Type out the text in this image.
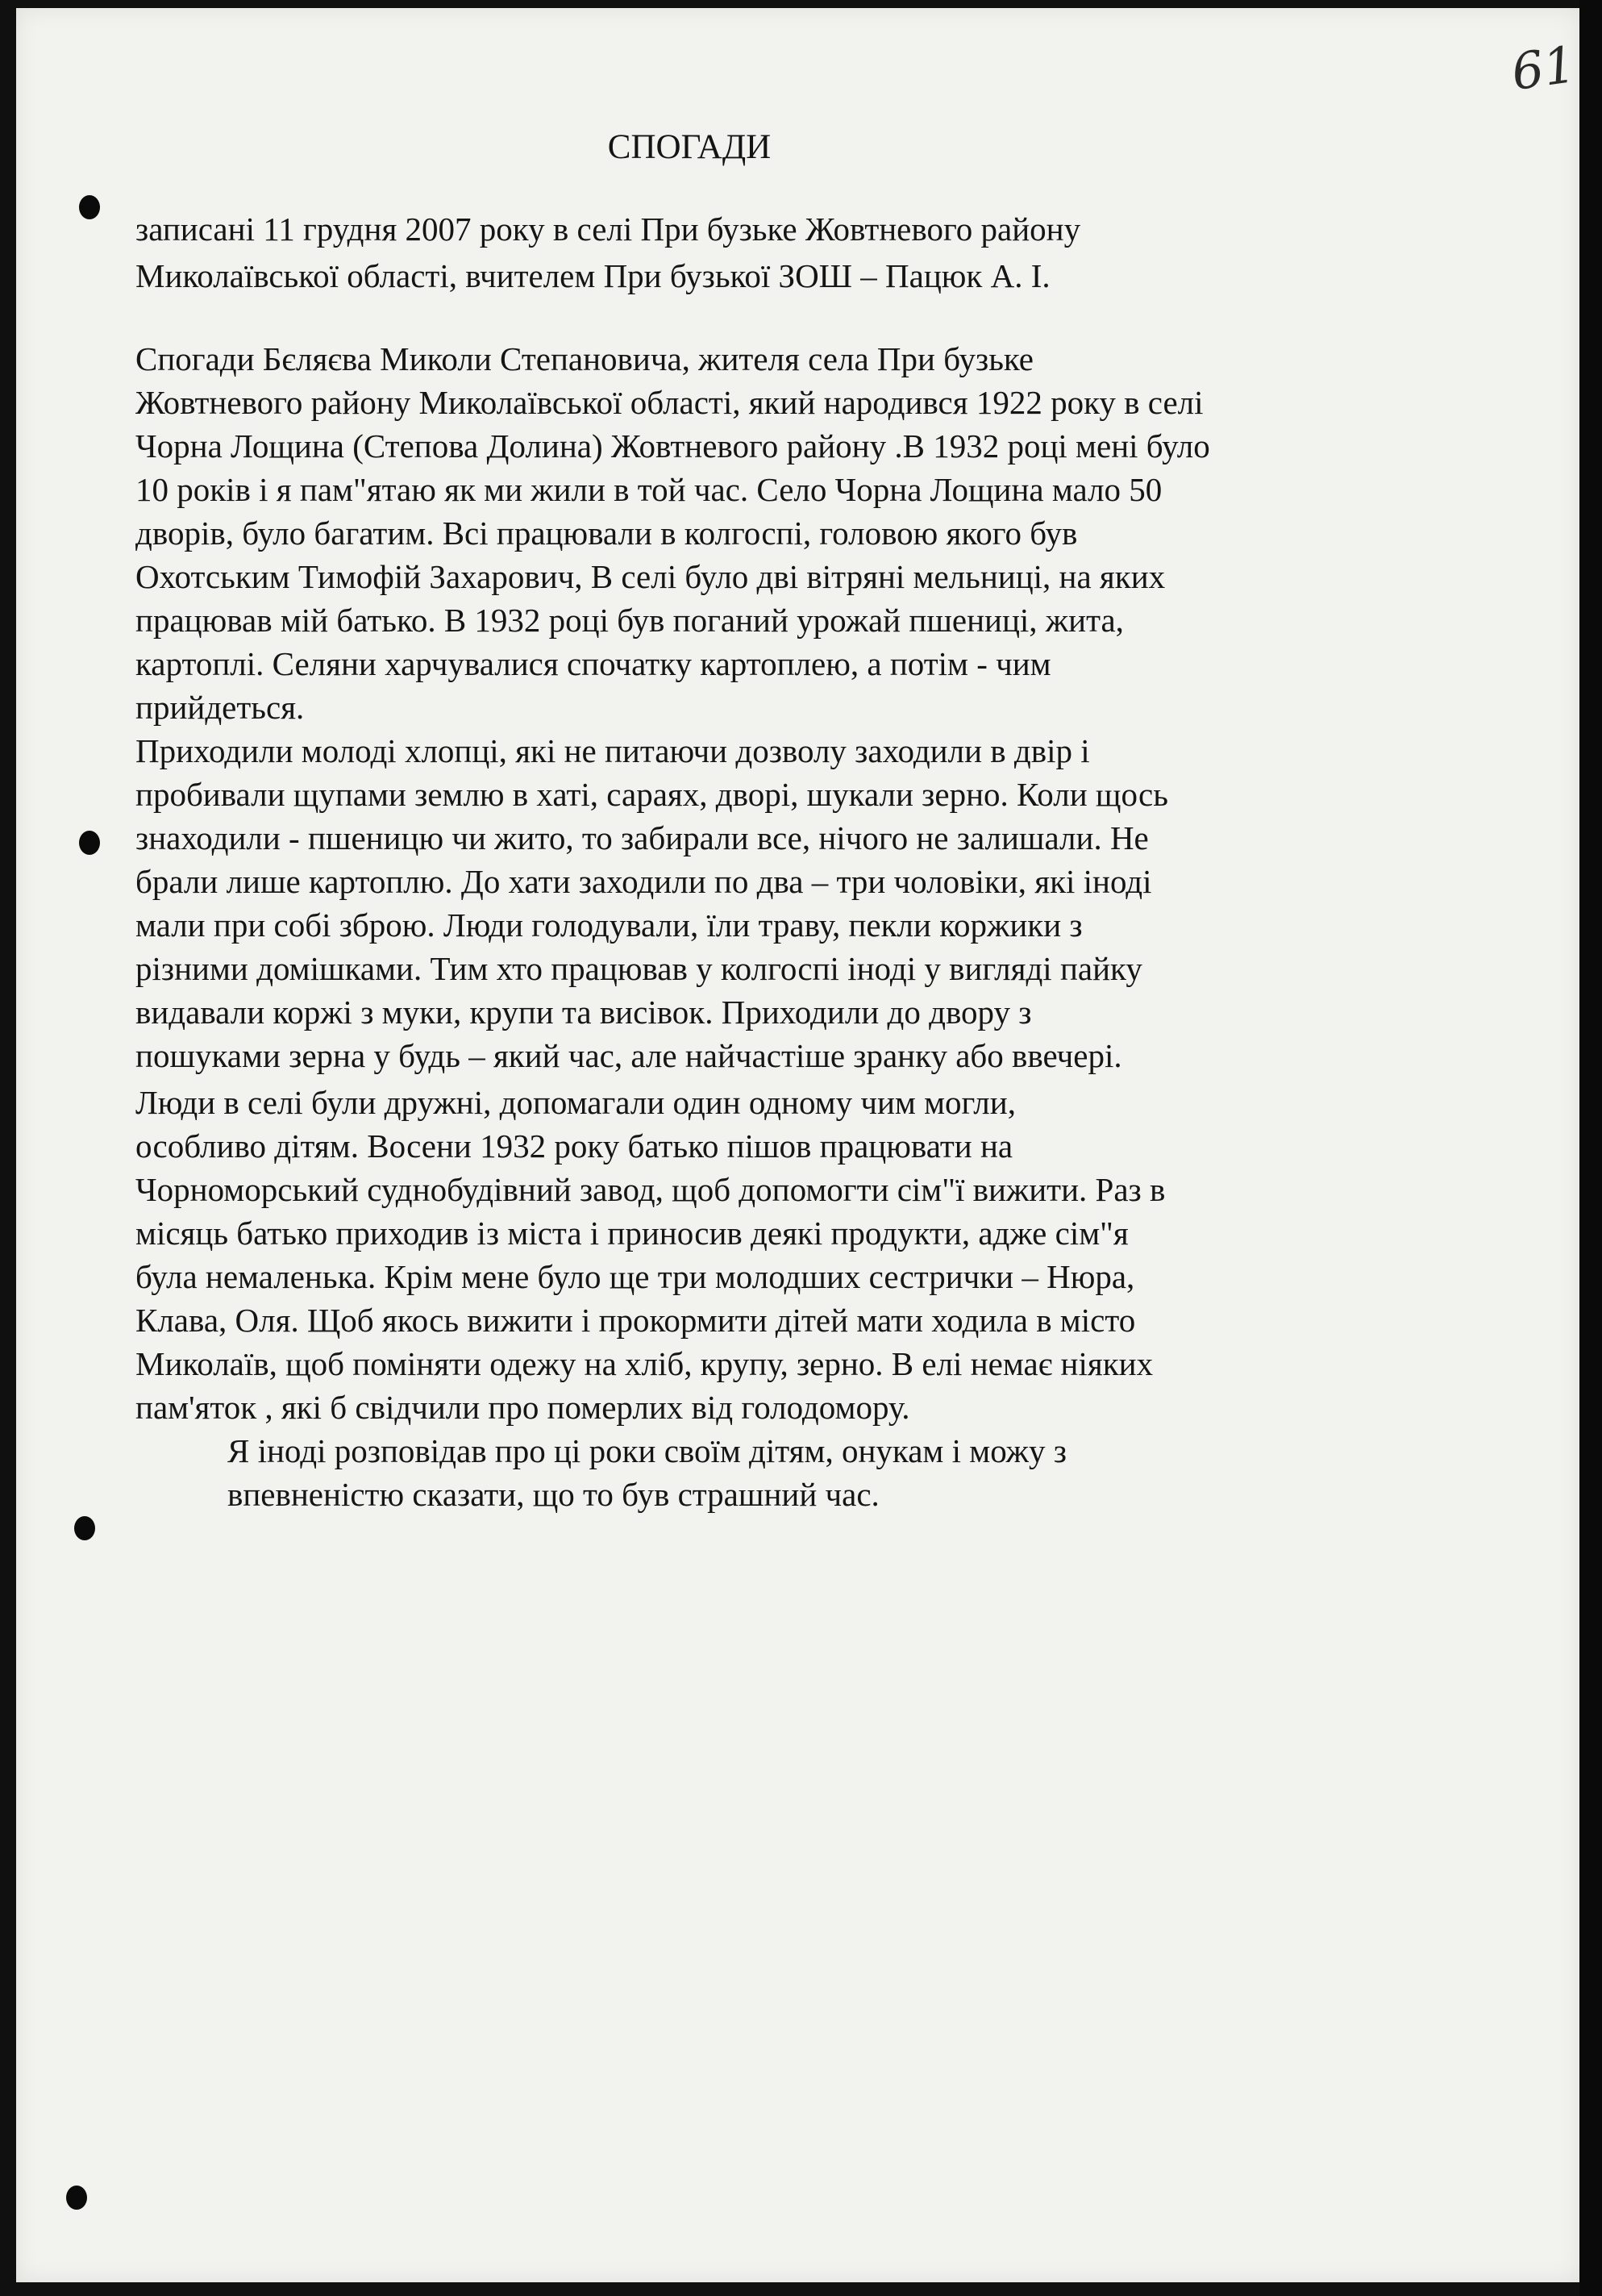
61
СПОГАДИ
записані 11 грудня 2007 року в селі При бузьке Жовтневого району
Миколаївської області, вчителем При бузької ЗОШ – Пацюк А. І.
Спогади Бєляєва Миколи Степановича, жителя села При бузьке
Жовтневого району Миколаївської області, який народився 1922 року в селі
Чорна Лощина (Степова Долина) Жовтневого району .В 1932 році мені було
10 років і я пам"ятаю як ми жили в той час. Село Чорна Лощина мало 50
дворів, було багатим. Всі працювали в колгоспі, головою якого був
Охотським Тимофій Захарович, В селі було дві вітряні мельниці, на яких
працював мій батько. В 1932 році був поганий урожай пшениці, жита,
картоплі. Селяни харчувалися спочатку картоплею, а потім - чим
прийдеться.
Приходили молоді хлопці, які не питаючи дозволу заходили в двір і
пробивали щупами землю в хаті, сараях, дворі, шукали зерно. Коли щось
знаходили - пшеницю чи жито, то забирали все, нічого не залишали. Не
брали лише картоплю. До хати заходили по два – три чоловіки, які іноді
мали при собі зброю. Люди голодували, їли траву, пекли коржики з
різними домішками. Тим хто працював у колгоспі іноді у вигляді пайку
видавали коржі з муки, крупи та висівок. Приходили до двору з
пошуками зерна у будь – який час, але найчастіше зранку або ввечері.
Люди в селі були дружні, допомагали один одному чим могли,
особливо дітям. Восени 1932 року батько пішов працювати на
Чорноморський суднобудівний завод, щоб допомогти сім"ї вижити. Раз в
місяць батько приходив із міста і приносив деякі продукти, адже сім"я
була немаленька. Крім мене було ще три молодших сестрички – Нюра,
Клава, Оля. Щоб якось вижити і прокормити дітей мати ходила в місто
Миколаїв, щоб поміняти одежу на хліб, крупу, зерно. В елі немає ніяких
пам'яток , які б свідчили про померлих від голодомору.
Я іноді розповідав про ці роки своїм дітям, онукам і можу з
впевненістю сказати, що то був страшний час.
